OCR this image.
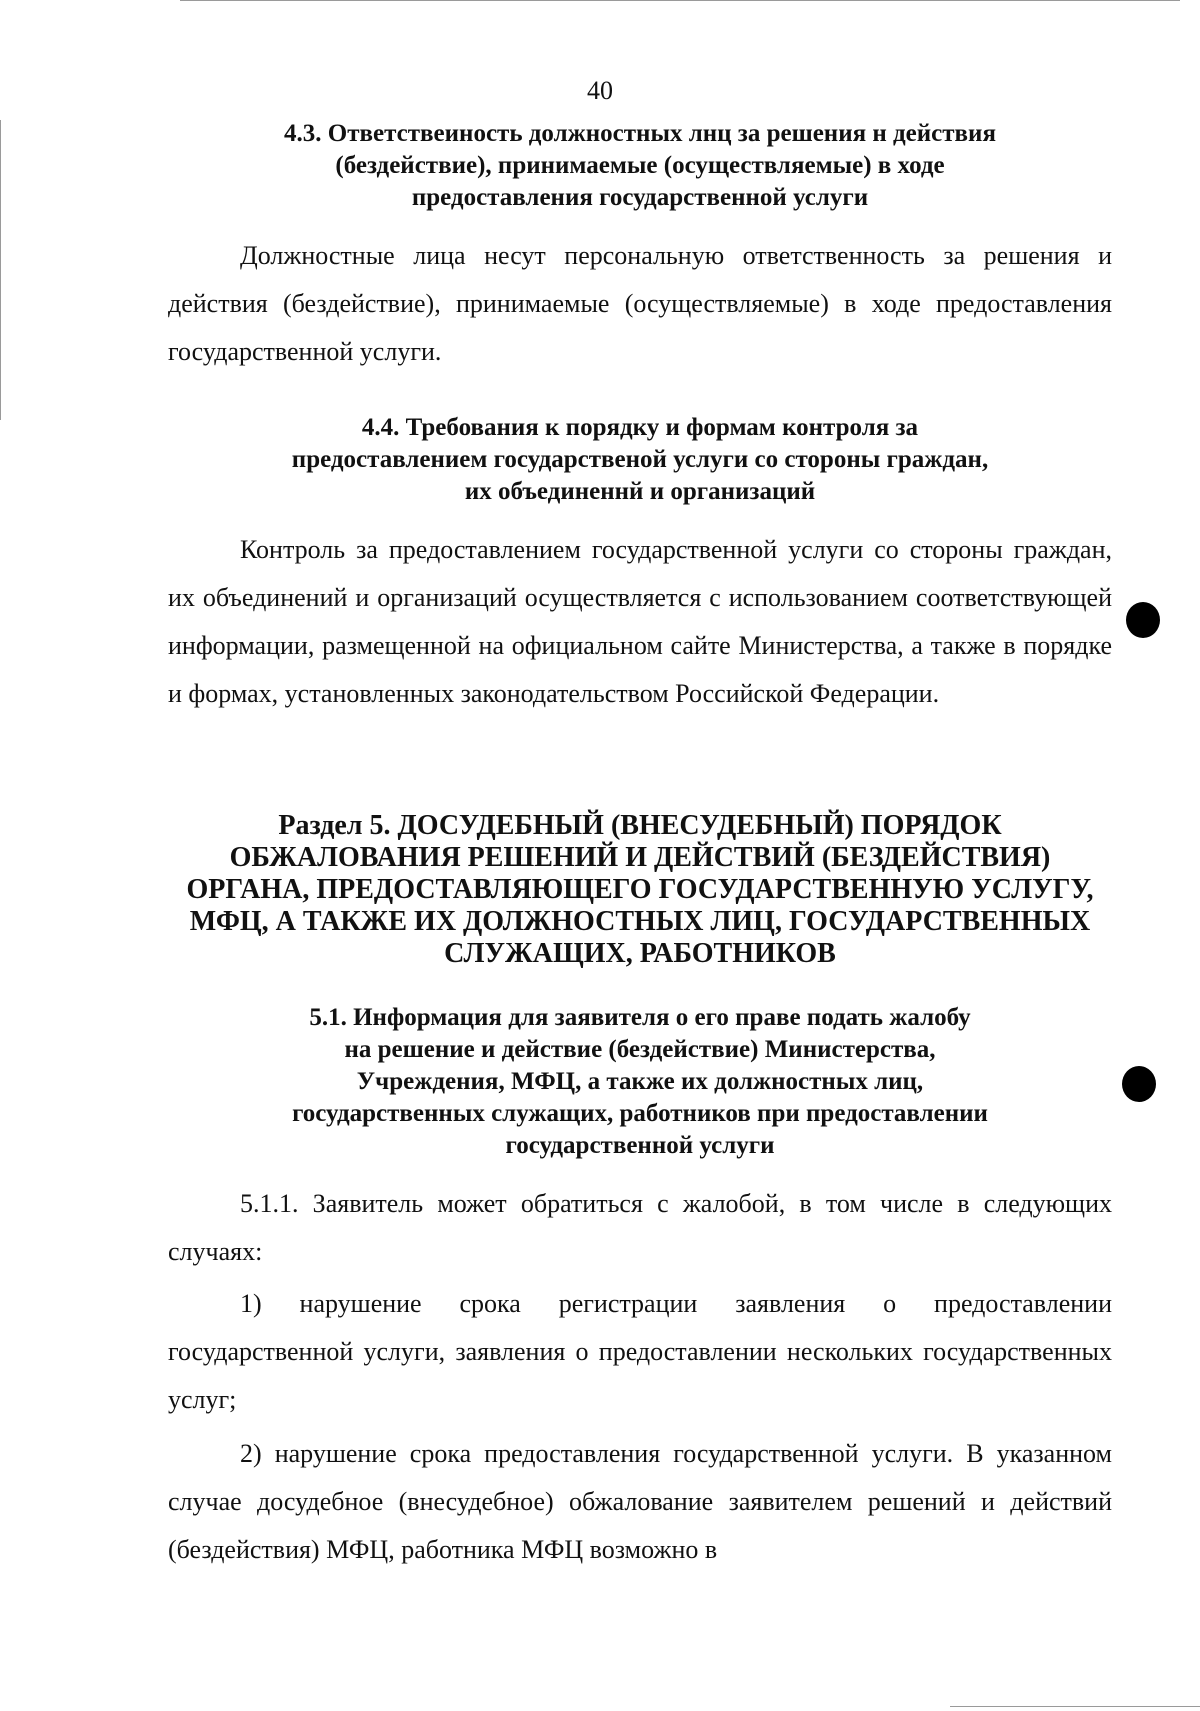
40
4.3. Ответствеиность должностных лнц за решения н действия
(бездействие), принимаемые (осуществляемые) в ходе
предоставления государственной услуги
Должностные лица несут персональную ответственность за решения и действия (бездействие), принимаемые (осуществляемые) в ходе предоставления государственной услуги.
4.4. Требования к порядку и формам контроля за
предоставлением государственой услуги со стороны граждан,
их объединеннй и организаций
Контроль за предоставлением государственной услуги со стороны граждан, их объединений и организаций осуществляется с использованием соответствующей информации, размещенной на официальном сайте Министерства, а также в порядке и формах, установленных законодательством Российской Федерации.
Раздел 5. ДОСУДЕБНЫЙ (ВНЕСУДЕБНЫЙ) ПОРЯДОК
ОБЖАЛОВАНИЯ РЕШЕНИЙ И ДЕЙСТВИЙ (БЕЗДЕЙСТВИЯ)
ОРГАНА, ПРЕДОСТАВЛЯЮЩЕГО ГОСУДАРСТВЕННУЮ УСЛУГУ,
МФЦ, А ТАКЖЕ ИХ ДОЛЖНОСТНЫХ ЛИЦ, ГОСУДАРСТВЕННЫХ
СЛУЖАЩИХ, РАБОТНИКОВ
5.1. Информация для заявителя о его праве подать жалобу
на решение и действие (бездействие) Министерства,
Учреждения, МФЦ, а также их должностных лиц,
государственных служащих, работников при предоставлении
государственной услуги
5.1.1. Заявитель может обратиться с жалобой, в том числе в следующих случаях:
1) нарушение срока регистрации заявления о предоставлении государственной услуги, заявления о предоставлении нескольких государственных услуг;
2) нарушение срока предоставления государственной услуги. В указанном случае досудебное (внесудебное) обжалование заявителем решений и действий (бездействия) МФЦ, работника МФЦ возможно в
